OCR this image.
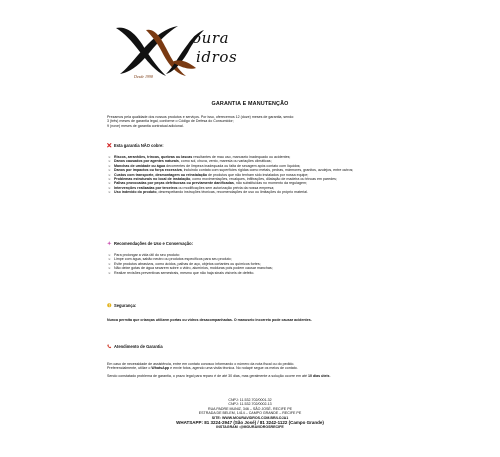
oura
idros
Desde 1998
GARANTIA E MANUTENÇÃO

Prezamos pela qualidade dos nossos produtos e serviços. Por isso, oferecemos 12 (doze) meses de garantia, sendo:

3 (três) meses de garantia legal, conforme o Código de Defesa do Consumidor;

9 (nove) meses de garantia contratual adicional.

Esta garantia NÃO cobre:
➢ Riscos, arranhões, trincas, quebras ou lascas resultantes de mau uso, manuseio inadequado ou acidentes;
➢ Danos causados por agentes naturais, como sol, chuva, vento, maresia ou variações climáticas;
➢ Manchas de umidade ou água decorrentes de limpeza inadequada ou falta de secagem após contato com líquidos;
➢ Danos por impactos ou força excessiva, incluindo contato com superfícies rígidas como metais, pedras, mármores, granitos, azulejos, entre outros;
➢ Custos com transporte, desmontagem ou reinstalação de produtos que não tenham sido instalados por nossa equipe;
➢ Problemas estruturais no local de instalação, como movimentações, recalques, infiltrações, dilatação de madeira ou trincas em paredes;
➢ Falhas provocadas por peças defeituosas ou previamente danificadas, não substituídas no momento da regulagem;
➢ Intervenções realizadas por terceiros ou modificações sem autorização prévia da nossa empresa;
➢ Uso indevido do produto, desrespeitando instruções técnicas, recomendações de uso ou limitações do próprio material.
Recomendações de Uso e Conservação:
➢ Para prolongar a vida útil do seu produto:
➢ Limpe com água, sabão neutro ou produtos específicos para seu produto;
➢ Evite produtos abrasivos, como ácidos, palhas de aço, objetos cortantes ou químicos fortes;
➢ Não deixe gotas de água secarem sobre o vidro, alumínios, molduras pois podem causar manchas;
➢ Realize revisões preventivas semestrais, mesmo que não haja sinais visíveis de defeito.
Segurança:
Nunca permita que crianças utilizem portas ou vidros desacompanhadas. O manuseio incorreto pode causar acidentes.
Atendimento de Garantia

Em caso de necessidade de assistência, entre em contato conosco informando o número da nota fiscal ou do pedido.

Preferencialmente, utilize o WhatsApp e envie fotos, agendo uma visita técnica. No rodapé segue os meios de contato.

Sendo constatado problema de garantia, o prazo legal para reparo é de até 30 dias, mas geralmente a solução ocorre em até 10 dias úteis.

CNPJ: 11.532.702/0001-32
CNPJ: 11.532.702/0002-13
RUA PADRE MUNIZ, 346 – SÃO JOSÉ- RECIFE PE
ESTRADA DE BELEM, 1414 – CAMPO GRANDE – RECIFE PE
SITE: WWW.MOURAVIDROS.COM.BR/LOJA1
WHATSAPP: 81 3224-2947 (São José) / 81 3242-1122 (Campo Grande)
INSTAGRAM :@MOURAVIDROSRECIFE
